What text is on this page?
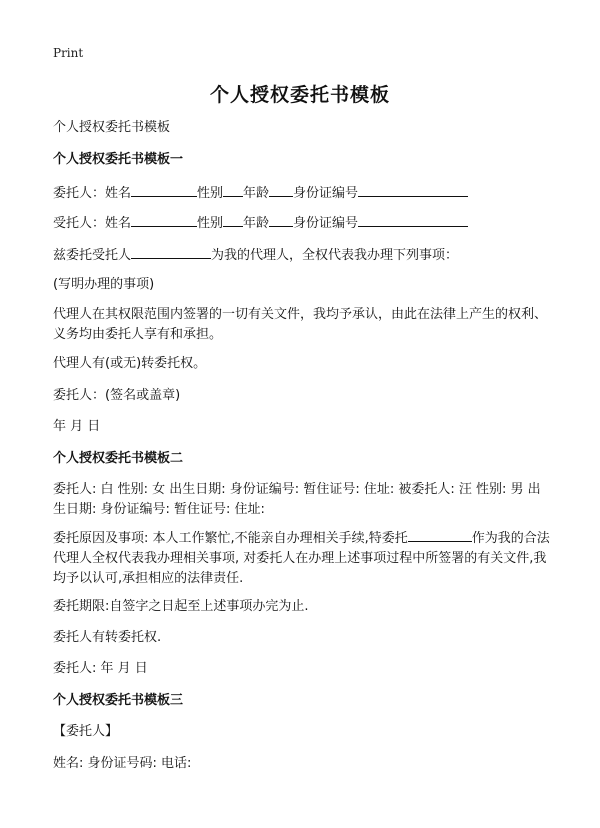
Print
个人授权委托书模板
个人授权委托书模板
个人授权委托书模板一
委托人：姓名	性别 年龄 身份证编号
受托人：姓名	性别 年龄 身份证编号
兹委托受托人	为我的代理人，全权代表我办理下列事项：
(写明办理的事项)
代理人在其权限范围内签署的一切有关文件，我均予承认，由此在法律上产生的权利、义务均由委托人享有和承担。
代理人有(或无)转委托权。
委托人：(签名或盖章)
年 月 日
个人授权委托书模板二
委托人: 白 性别: 女 出生日期: 身份证编号: 暂住证号: 住址: 被委托人: 汪 性别: 男 出生日期: 身份证编号: 暂住证号: 住址:
委托原因及事项: 本人工作繁忙,不能亲自办理相关手续,特委托	作为我的合法代理人全权代表我办理相关事项, 对委托人在办理上述事项过程中所签署的有关文件,我均予以认可,承担相应的法律责任.
委托期限:自签字之日起至上述事项办完为止.
委托人有转委托权.
委托人: 年 月 日
个人授权委托书模板三
【委托人】
姓名: 身份证号码: 电话:
